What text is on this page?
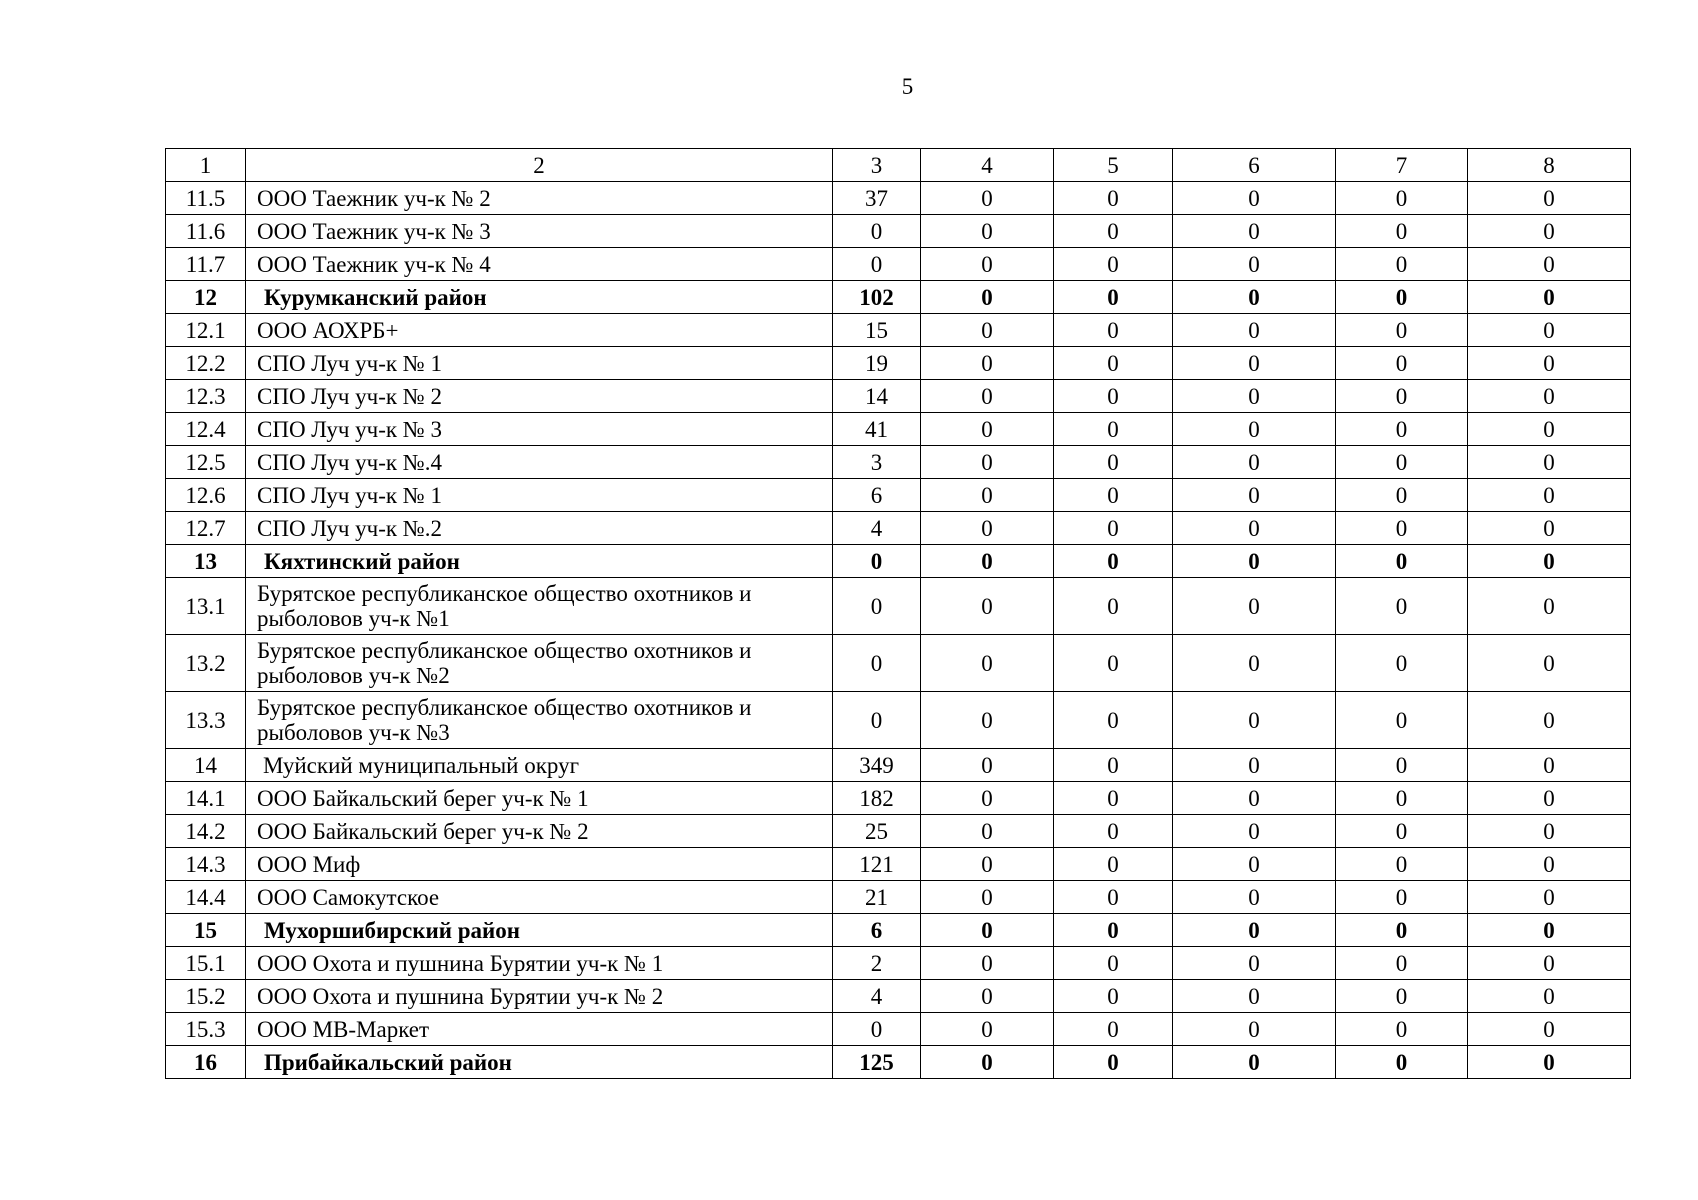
5
1	2	3	4	5	6	7	8
11.5	ООО Таежник уч-к № 2	37	0	0	0	0	0
11.6	ООО Таежник уч-к № 3	0	0	0	0	0	0
11.7	ООО Таежник уч-к № 4	0	0	0	0	0	0
12	Курумканский район	102	0	0	0	0	0
12.1	ООО АОХРБ+	15	0	0	0	0	0
12.2	СПО Луч уч-к № 1	19	0	0	0	0	0
12.3	СПО Луч уч-к № 2	14	0	0	0	0	0
12.4	СПО Луч уч-к № 3	41	0	0	0	0	0
12.5	СПО Луч уч-к №.4	3	0	0	0	0	0
12.6	СПО Луч уч-к № 1	6	0	0	0	0	0
12.7	СПО Луч уч-к №.2	4	0	0	0	0	0
13	Кяхтинский район	0	0	0	0	0	0
13.1	Бурятское республиканское общество охотников и рыболовов уч-к №1	0	0	0	0	0	0
13.2	Бурятское республиканское общество охотников и рыболовов уч-к №2	0	0	0	0	0	0
13.3	Бурятское республиканское общество охотников и рыболовов уч-к №3	0	0	0	0	0	0
14	Муйский муниципальный округ	349	0	0	0	0	0
14.1	ООО Байкальский берег уч-к № 1	182	0	0	0	0	0
14.2	ООО Байкальский берег уч-к № 2	25	0	0	0	0	0
14.3	ООО Миф	121	0	0	0	0	0
14.4	ООО Самокутское	21	0	0	0	0	0
15	Мухоршибирский район	6	0	0	0	0	0
15.1	ООО Охота и пушнина Бурятии уч-к № 1	2	0	0	0	0	0
15.2	ООО Охота и пушнина Бурятии уч-к № 2	4	0	0	0	0	0
15.3	ООО МВ-Маркет	0	0	0	0	0	0
16	Прибайкальский район	125	0	0	0	0	0
